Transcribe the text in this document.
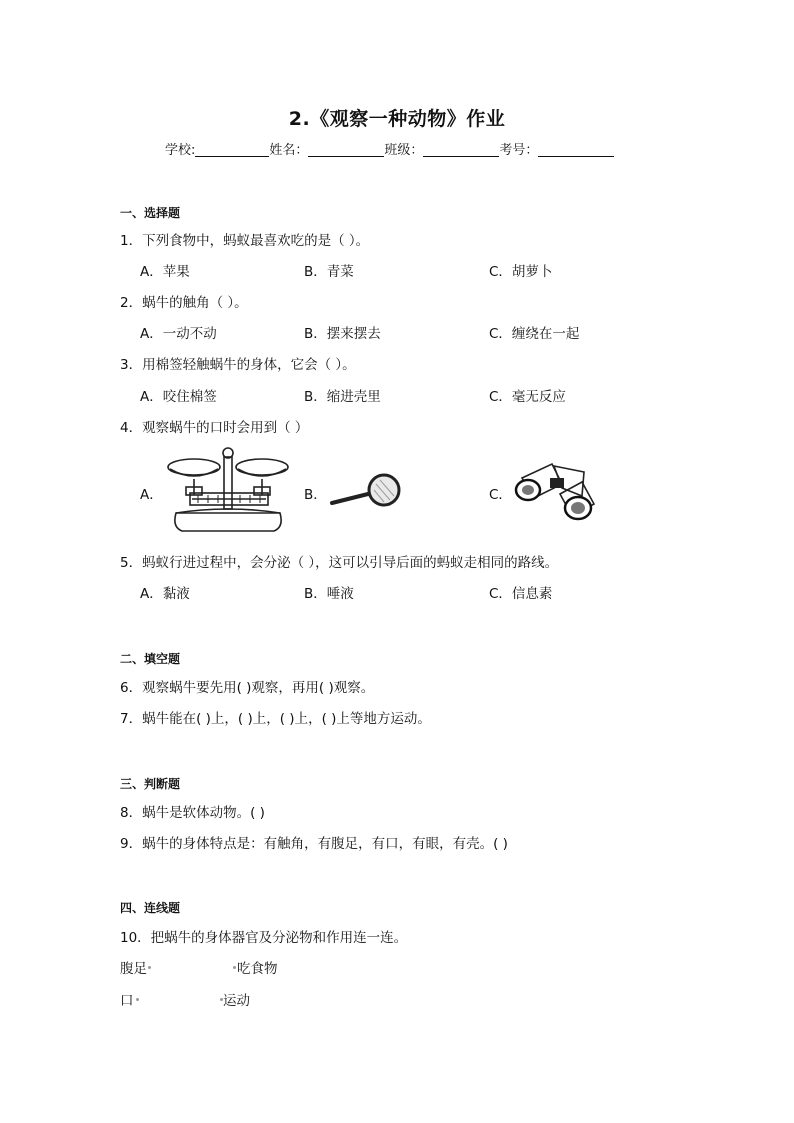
2.《观察一种动物》作业
学校:	姓名：	班级：	考号：
一、选择题
1．下列食物中，蚂蚁最喜欢吃的是（ ）。
A．苹果	B．青菜	C．胡萝卜
2．蜗牛的触角（ ）。
A．一动不动	B．摆来摆去	C．缠绕在一起
3．用棉签轻触蜗牛的身体，它会（ ）。
A．咬住棉签	B．缩进壳里	C．毫无反应
4．观察蜗牛的口时会用到（ ）
A．	B．	C．
5．蚂蚁行进过程中，会分泌（ ），这可以引导后面的蚂蚁走相同的路线。
A．黏液	B．唾液	C．信息素
二、填空题
6．观察蜗牛要先用( )观察，再用( )观察。
7．蜗牛能在( )上，( )上，( )上，( )上等地方运动。
三、判断题
8．蜗牛是软体动物。( )
9．蜗牛的身体特点是：有触角，有腹足，有口，有眼，有壳。( )
四、连线题
10．把蜗牛的身体器官及分泌物和作用连一连。
腹足	吃食物
口	运动
